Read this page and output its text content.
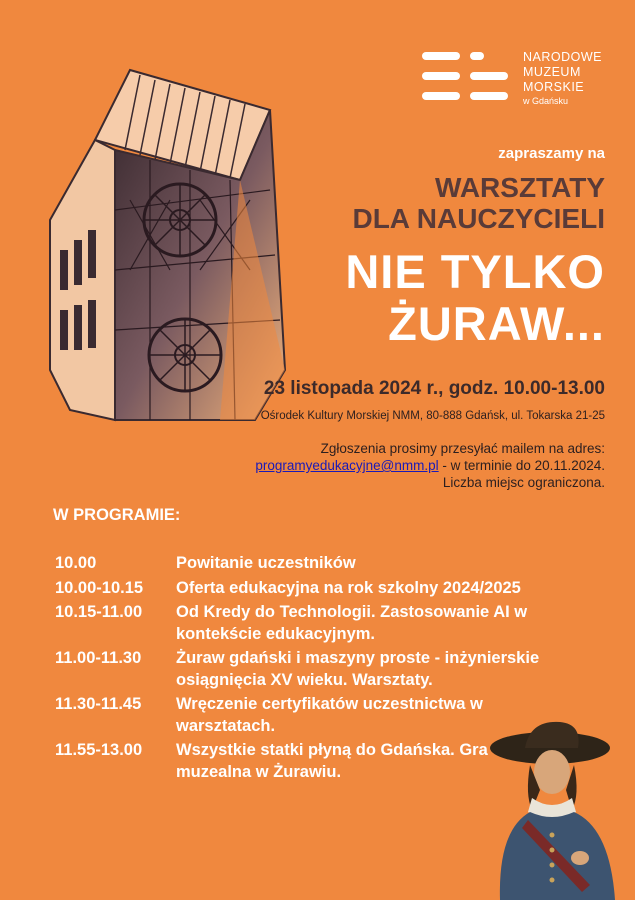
NARODOWE
MUZEUM
MORSKIE
w Gdańsku
zapraszamy na
WARSZTATY
DLA NAUCZYCIELI
NIE TYLKO
ŻURAW...
23 listopada 2024 r., godz. 10.00-13.00
Ośrodek Kultury Morskiej NMM, 80-888 Gdańsk, ul. Tokarska 21-25
Zgłoszenia prosimy przesyłać mailem na adres:
programyedukacyjne@nmm.pl - w terminie do 20.11.2024.
Liczba miejsc ograniczona.
W PROGRAMIE:
10.00	Powitanie uczestników
10.00-10.15 Oferta edukacyjna na rok szkolny 2024/2025
10.15-11.00 Od Kredy do Technologii. Zastosowanie AI w kontekście edukacyjnym.
11.00-11.30 Żuraw gdański i maszyny proste - inżynierskie osiągnięcia XV wieku. Warsztaty.
11.30-11.45 Wręczenie certyfikatów uczestnictwa w warsztatach.
11.55-13.00 Wszystkie statki płyną do Gdańska. Gra muzealna w Żurawiu.
